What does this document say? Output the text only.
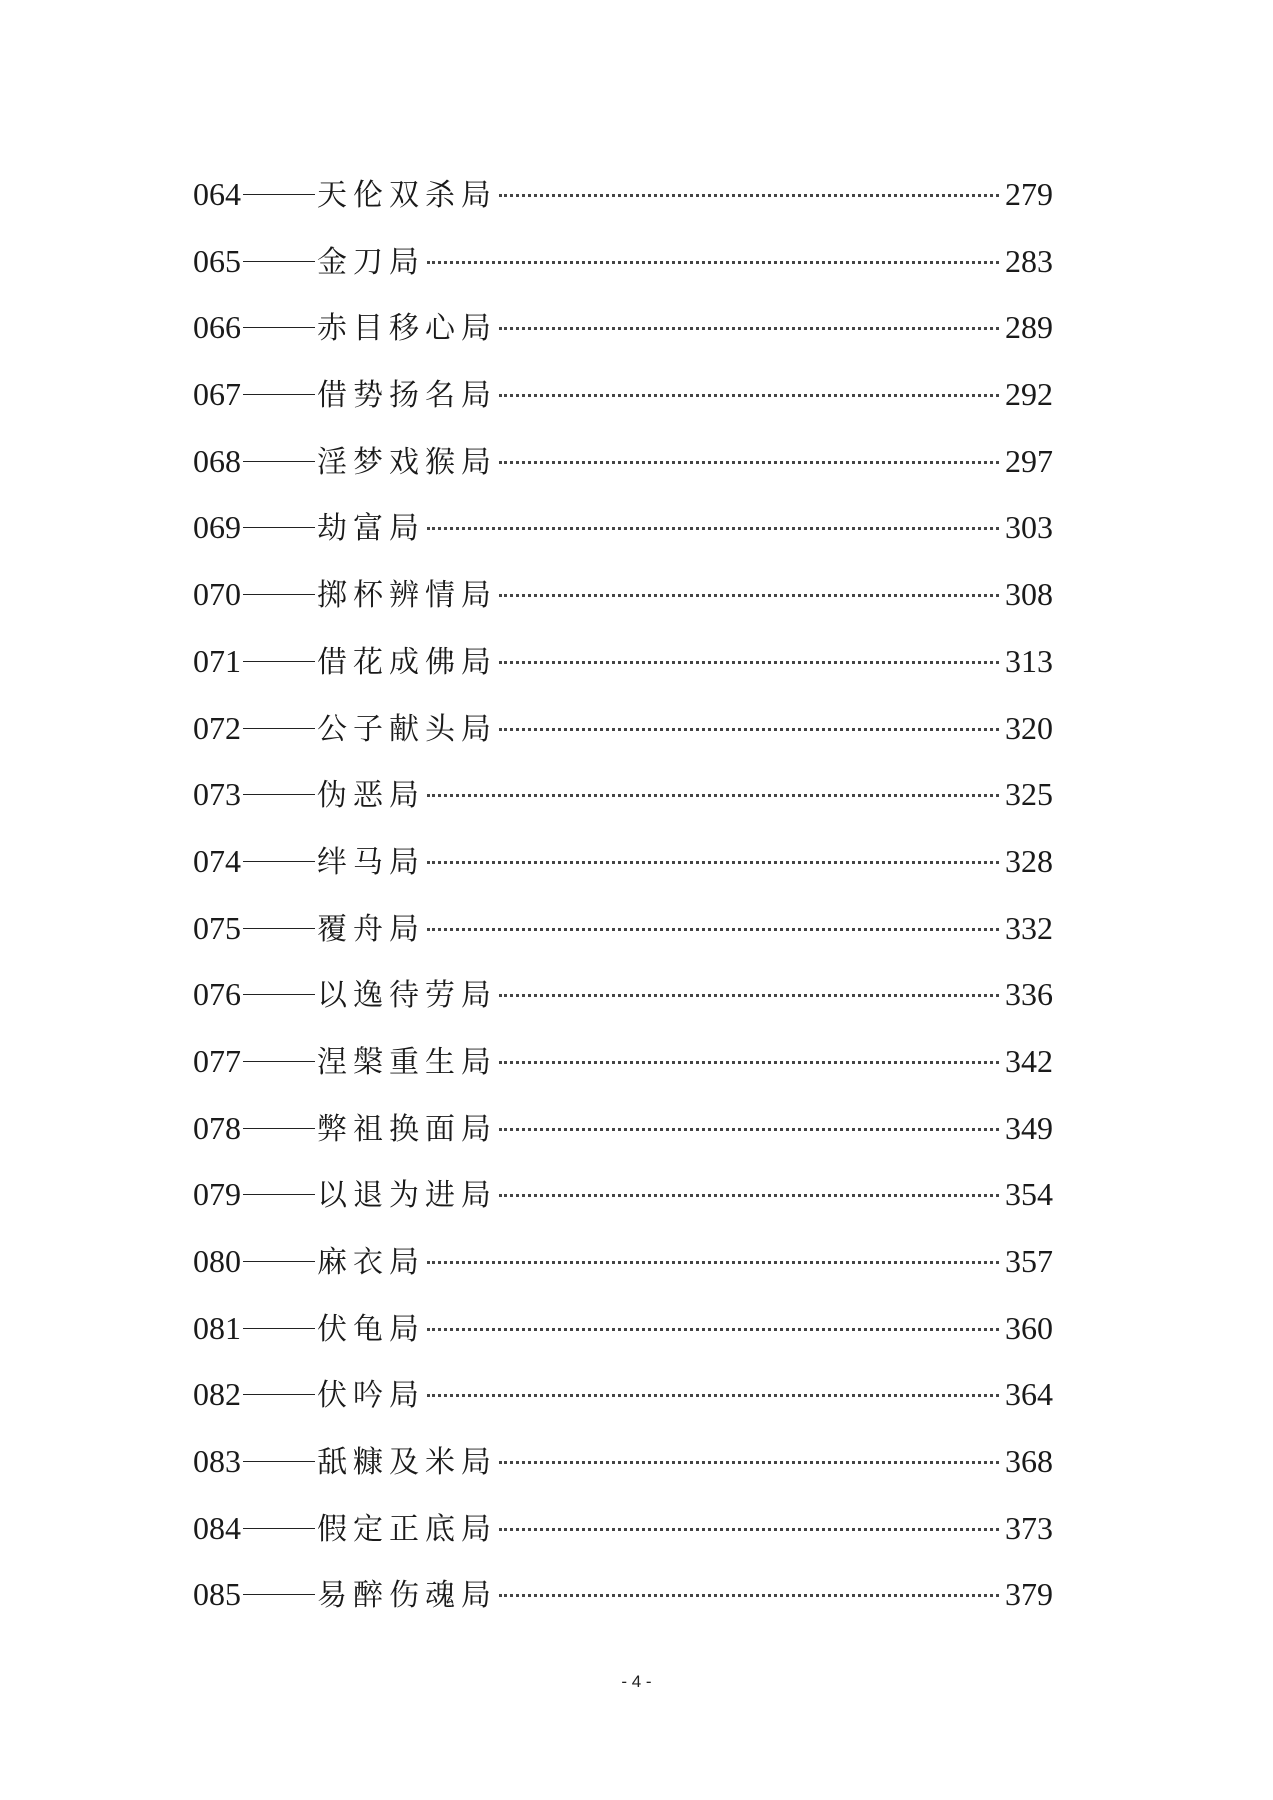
064	天伦双杀局	279
065	金刀局	283
066	赤目移心局	289
067	借势扬名局	292
068	淫梦戏猴局	297
069	劫富局	303
070	掷杯辨情局	308
071	借花成佛局	313
072	公子献头局	320
073	伪恶局	325
074	绊马局	328
075	覆舟局	332
076	以逸待劳局	336
077	涅槃重生局	342
078	弊祖换面局	349
079	以退为进局	354
080	麻衣局	357
081	伏龟局	360
082	伏吟局	364
083	舐糠及米局	368
084	假定正底局	373
085	易醉伤魂局	379
- 4 -
